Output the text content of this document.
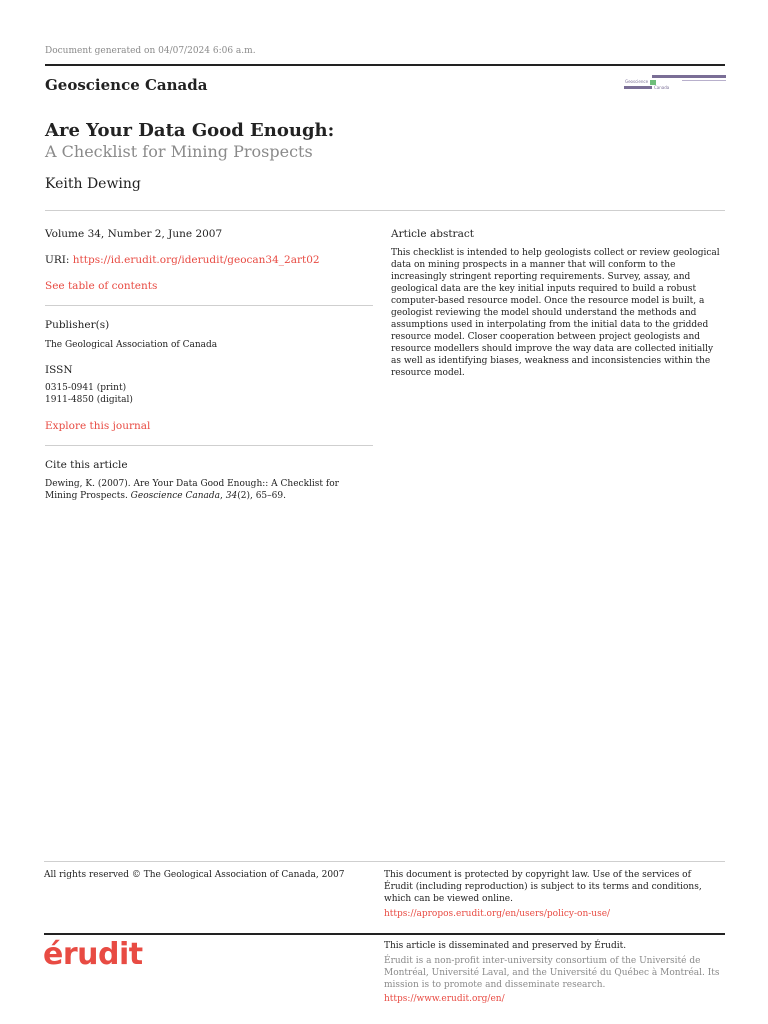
Document generated on 04/07/2024 6:06 a.m.
Geoscience Canada	Geoscience
Canada
Are Your Data Good Enough:
A Checklist for Mining Prospects
Keith Dewing
Volume 34, Number 2, June 2007
URI: https://id.erudit.org/iderudit/geocan34_2art02
See table of contents
Publisher(s)
The Geological Association of Canada
ISSN
0315-0941 (print)
1911-4850 (digital)
Explore this journal
Cite this article
Dewing, K. (2007). Are Your Data Good Enough:: A Checklist for Mining Prospects. Geoscience Canada, 34(2), 65–69.
Article abstract
This checklist is intended to help geologists collect or review geological data on mining prospects in a manner that will conform to the increasingly stringent reporting requirements. Survey, assay, and geological data are the key initial inputs required to build a robust computer-based resource model. Once the resource model is built, a geologist reviewing the model should understand the methods and assumptions used in interpolating from the initial data to the gridded resource model. Closer cooperation between project geologists and resource modellers should improve the way data are collected initially as well as identifying biases, weakness and inconsistencies within the resource model.
All rights reserved © The Geological Association of Canada, 2007	This document is protected by copyright law. Use of the services of Érudit (including reproduction) is subject to its terms and conditions, which can be viewed online.
https://apropos.erudit.org/en/users/policy-on-use/
érudit	This article is disseminated and preserved by Érudit.
Érudit is a non-profit inter-university consortium of the Université de Montréal, Université Laval, and the Université du Québec à Montréal. Its mission is to promote and disseminate research.
https://www.erudit.org/en/
